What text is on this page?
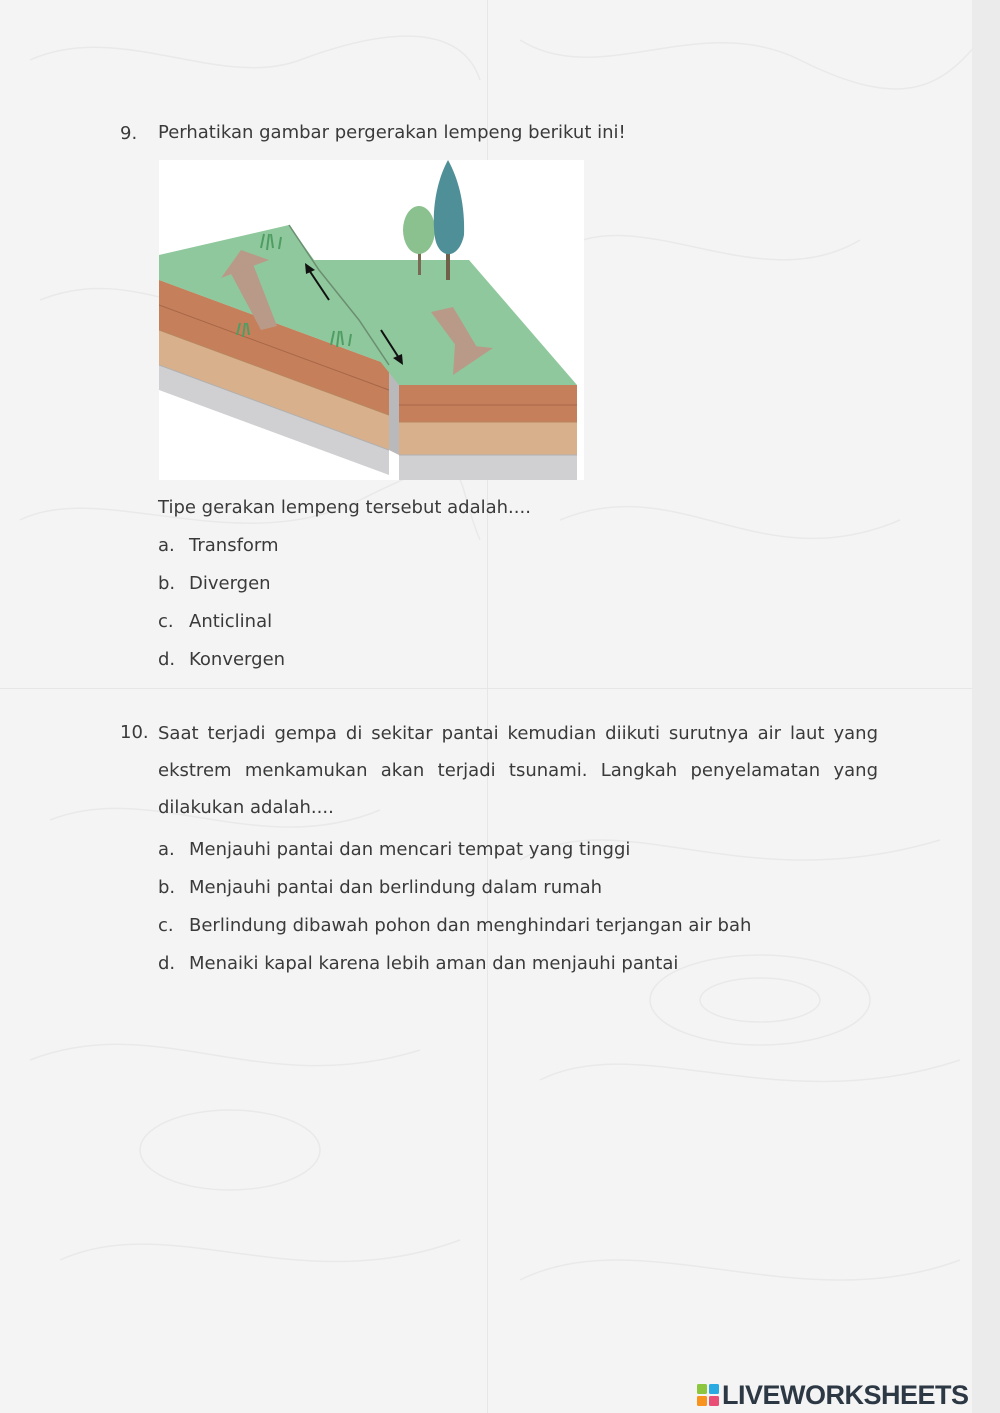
9. Perhatikan gambar pergerakan lempeng berikut ini!
Tipe gerakan lempeng tersebut adalah....
a. Transform
b. Divergen
c. Anticlinal
d. Konvergen
10. Saat terjadi gempa di sekitar pantai kemudian diikuti surutnya air laut yang ekstrem menkamukan akan terjadi tsunami. Langkah penyelamatan yang dilakukan adalah....
a. Menjauhi pantai dan mencari tempat yang tinggi
b. Menjauhi pantai dan berlindung dalam rumah
c. Berlindung dibawah pohon dan menghindari terjangan air bah
d. Menaiki kapal karena lebih aman dan menjauhi pantai
LIVEWORKSHEETS
